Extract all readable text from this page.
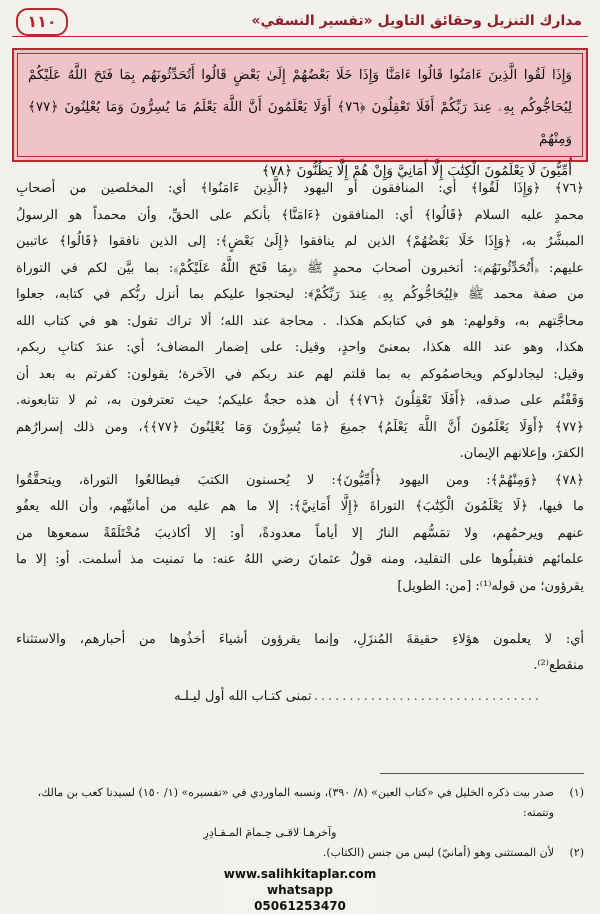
١١٠	مدارك التنزيل وحقائق التاويل «تفسير النسفي»

وَإِذَا لَقُوا الَّذِينَ ءَامَنُوا قَالُوا ءَامَنَّا وَإِذَا خَلَا بَعْضُهُمْ إِلَىٰ بَعْضٍ قَالُوا أَتُحَدِّثُونَهُم بِمَا فَتَحَ اللَّهُ عَلَيْكُمْ

لِيُحَاجُّوكُم بِهِۦ عِندَ رَبِّكُمْ أَفَلَا تَعْقِلُونَ ﴿٧٦﴾ أَوَلَا يَعْلَمُونَ أَنَّ اللَّهَ يَعْلَمُ مَا يُسِرُّونَ وَمَا يُعْلِنُونَ ﴿٧٧﴾ وَمِنْهُمْ

أُمِّيُّونَ لَا يَعْلَمُونَ الْكِتَٰبَ إِلَّا أَمَانِيَّ وَإِنْ هُمْ إِلَّا يَظُنُّونَ ﴿٧٨﴾

﴿٧٦﴾ ﴿وَإِذَا لَقُوا﴾ أي: المنافقون أو اليهود ﴿الَّذِينَ ءَامَنُوا﴾ أي: المخلصين من أصحابِ
محمدٍ عليه السلام ﴿قَالُوا﴾ أي: المنافقون ﴿ءَامَنَّا﴾ بأنكم على الحقِّ، وأن محمداً هو الرسولُ
المبشَّرُ به، ﴿وَإِذَا خَلَا بَعْضُهُمْ﴾ الذين لم ينافقوا ﴿إِلَىٰ بَعْضٍ﴾: إلى الذين نافقوا ﴿قَالُوا﴾ عاتبين
عليهم: ﴿أَتُحَدِّثُونَهُم﴾: أتخبرون أصحابَ محمدٍ ﷺ ﴿بِمَا فَتَحَ اللَّهُ عَلَيْكُمْ﴾: بما بيَّن لكم في التوراة
من صفة محمد ﷺ ﴿لِيُحَاجُّوكُم بِهِۦ عِندَ رَبِّكُمْ﴾: ليحتجوا عليكم بما أنزل ربُّكم في كتابه، جعلوا
محاجَّتهم به، وقولهم: هو في كتابكم هكذا. . محاجة عند الله؛ ألا تراك تقول: هو في كتاب الله
هكذا، وهو عند الله هكذا، بمعنىً واحدٍ، وقيل: على إضمار المضاف؛ أي: عندَ كتابِ ربكم،
وقيل: ليجادلوكم ويخاصمُوكم به بما قلتم لهم عند ربكم في الآخرة؛ يقولون: كفرتم به بعد أن
وَقَفْتُم على صدقه، ﴿أَفَلَا تَعْقِلُونَ ﴿٧٦﴾﴾ أن هذه حجةٌ عليكم؛ حيث تعترفون به، ثم لا تتابعونه.
﴿٧٧﴾ ﴿أَوَلَا يَعْلَمُونَ أَنَّ اللَّهَ يَعْلَمُ﴾ جميعَ ﴿مَا يُسِرُّونَ وَمَا يُعْلِنُونَ ﴿٧٧﴾﴾، ومن ذلك إسرارُهم
الكفرَ، وإعلانهم الإيمان.
﴿٧٨﴾ ﴿وَمِنْهُمْ﴾: ومن اليهود ﴿أُمِّيُّونَ﴾: لا يُحسنون الكتبَ فيطالعُوا التوراة، ويتحقَّقُوا
ما فيها، ﴿لَا يَعْلَمُونَ الْكِتَٰبَ﴾ التوراةَ ﴿إِلَّا أَمَانِيَّ﴾: إلا ما هم عليه من أمانيِّهم، وأن الله يعفُو
عنهم ويرحمُهم، ولا تمَسُّهم النارُ إلا أياماً معدودةً، أو: إلا أكاذيبَ مُخْتَلَقَةً سمعوها من
علمائهم فتقبلُوها على التقليد، ومنه قولُ عثمانَ رضي اللهُ عنه: ما تمنيت مذ أسلمت. أو: إلا ما
يقرؤون؛ من قوله⁽¹⁾: [من: الطويل]
أي: لا يعلمون هؤلاءِ حقيقةَ المُنزَلِ، وإنما يقرؤون أشياءَ أخذُوها من أحبارهم، والاستثناء
منقطع⁽²⁾.
................................... تمنى كتـاب الله أول ليـلـه
(١)
صدر بيت ذكره الخليل في «كتاب العين» (٨/ ٣٩٠)، ونسبه الماوردي في «تفسيره» (١/ ١٥٠) لسيدنا كعب بن مالك، وتتمته:
وآخرهـا لاقـى حِـمامَ المـقـادِرِ
(٢)
لأن المستثنى وهو (أمانيّ) ليس من جنس (الكتاب).
www.salihkitaplar.com
whatsapp 05061253470
